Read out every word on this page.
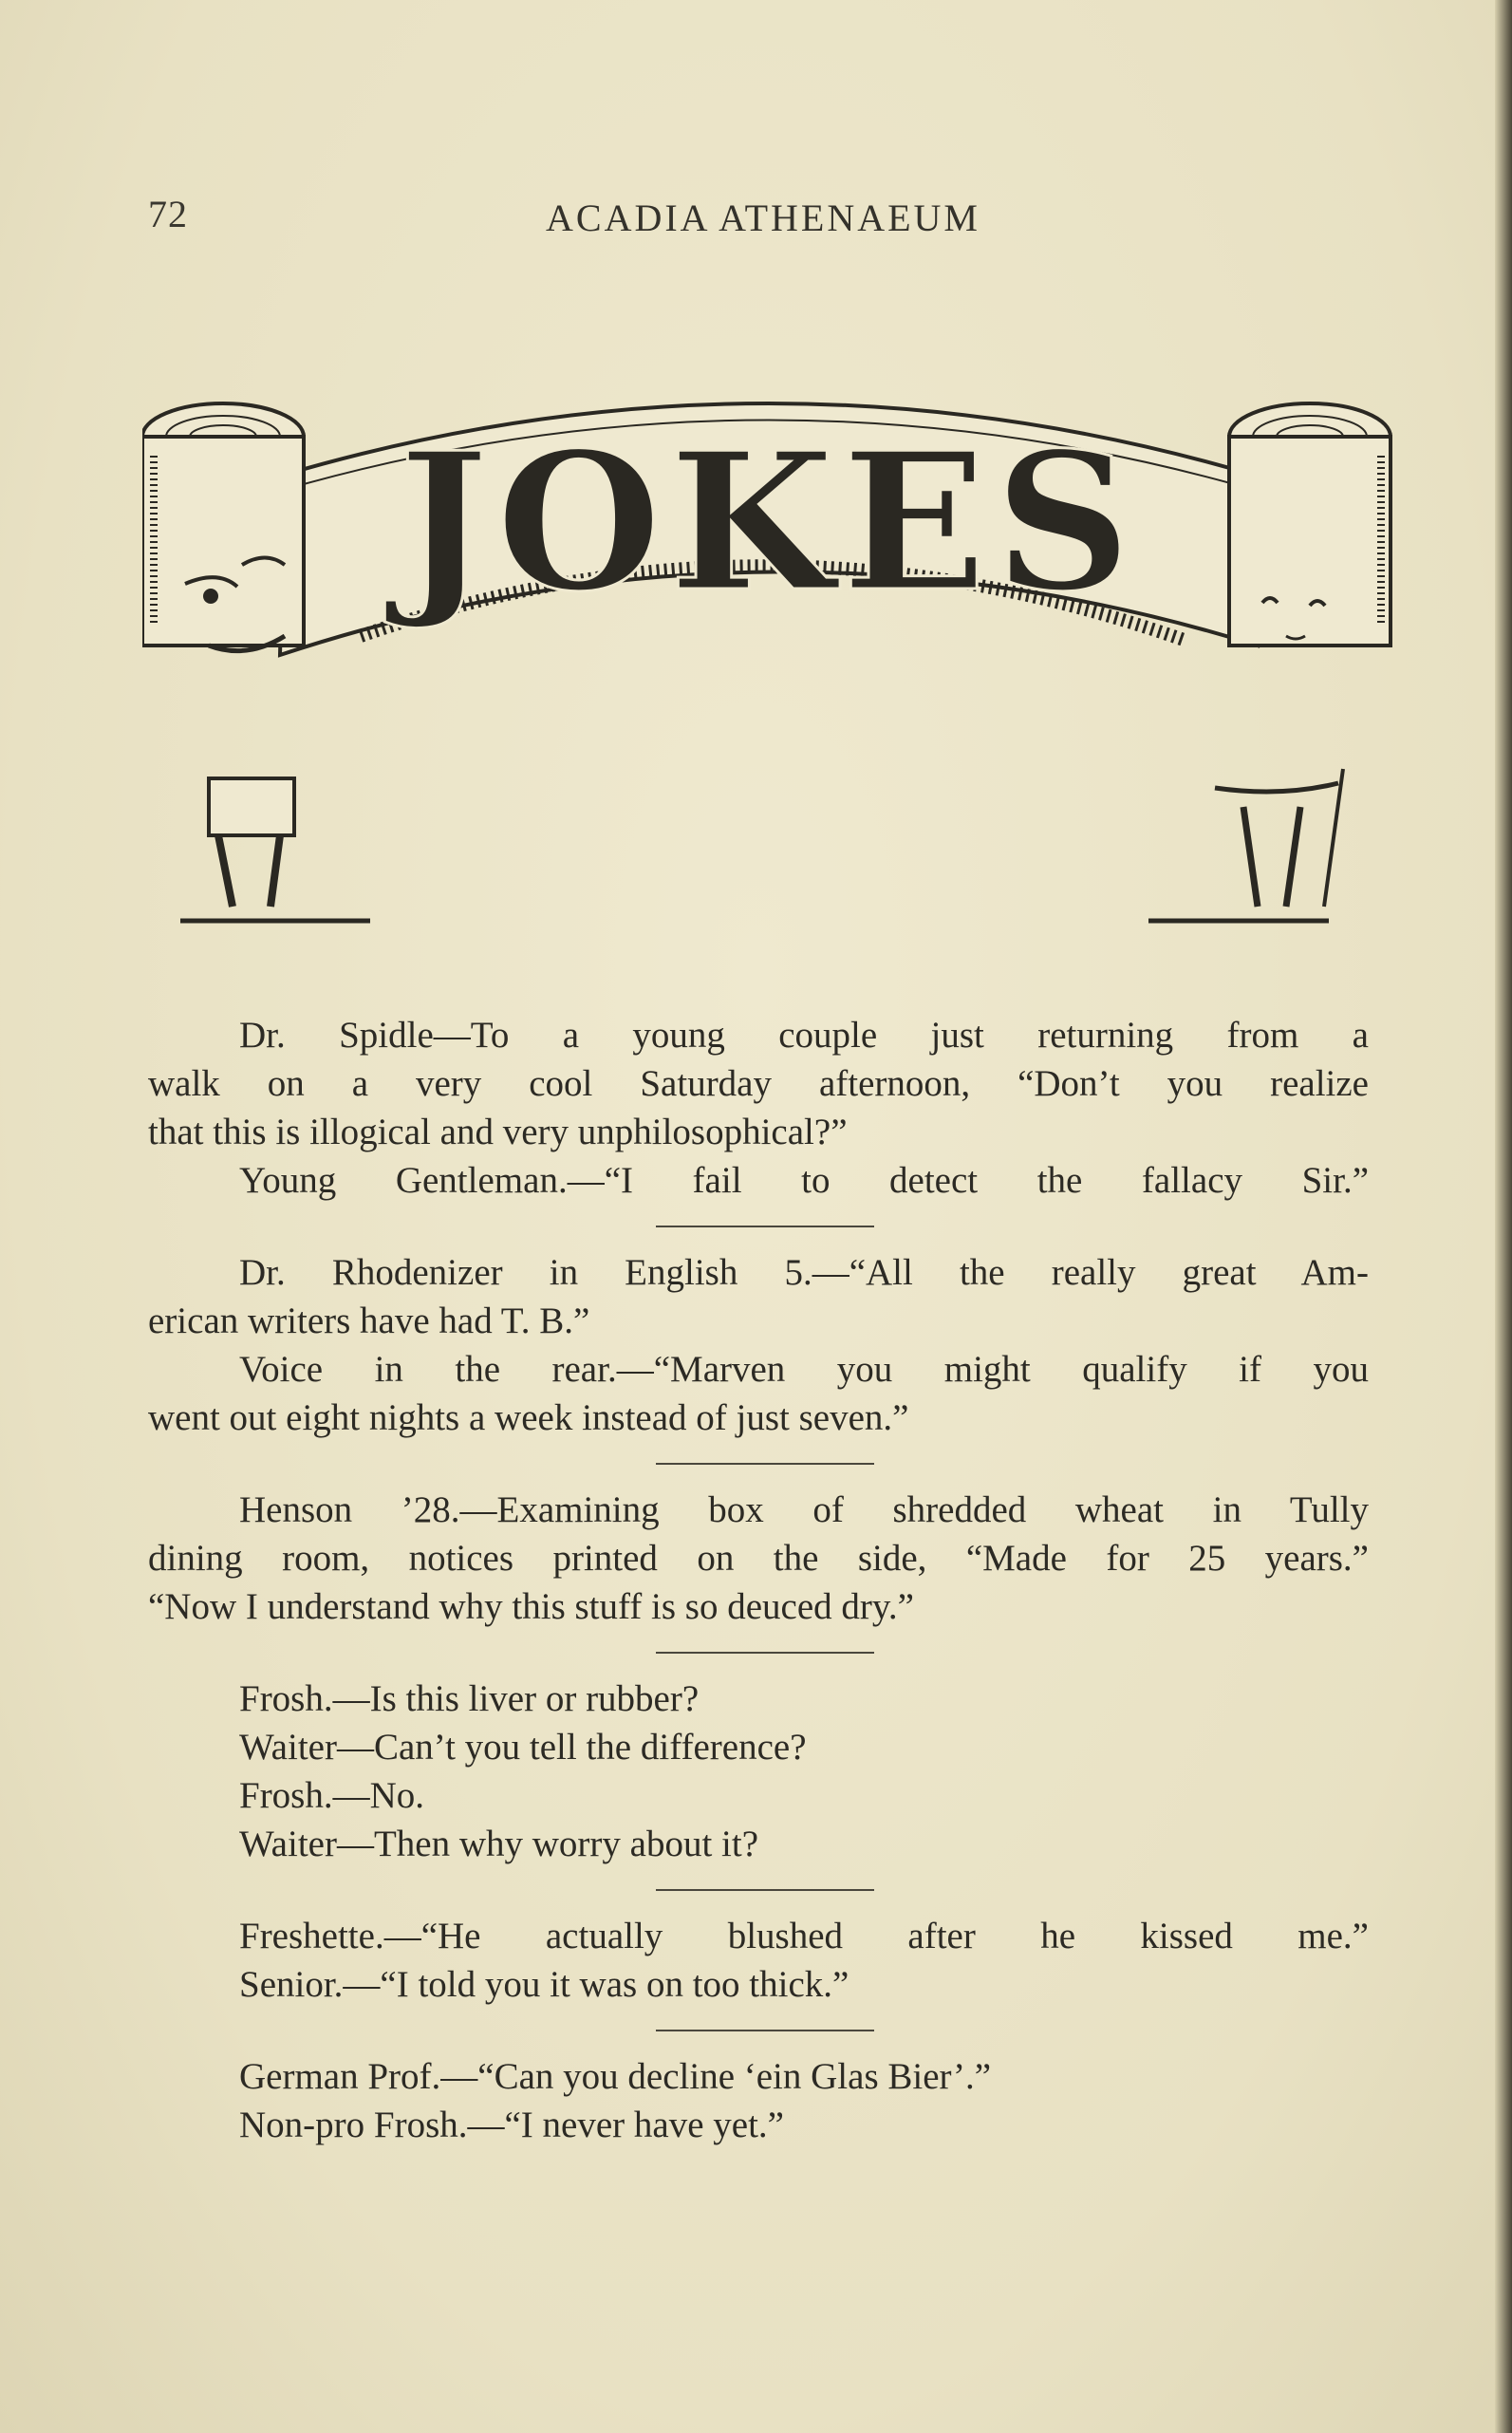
72	ACADIA ATHENAEUM
JOKES
Dr. Spidle—To a young couple just returning from a
walk on a very cool Saturday afternoon, “Don’t you realize
that this is illogical and very unphilosophical?”
Young Gentleman.—“I fail to detect the fallacy Sir.”
Dr. Rhodenizer in English 5.—“All the really great Am-
erican writers have had T. B.”
Voice in the rear.—“Marven you might qualify if you
went out eight nights a week instead of just seven.”
Henson ’28.—Examining box of shredded wheat in Tully
dining room, notices printed on the side, “Made for 25 years.”
“Now I understand why this stuff is so deuced dry.”
Frosh.—Is this liver or rubber?
Waiter—Can’t you tell the difference?
Frosh.—No.
Waiter—Then why worry about it?
Freshette.—“He actually blushed after he kissed me.”
Senior.—“I told you it was on too thick.”
German Prof.—“Can you decline ‘ein Glas Bier’.”
Non-pro Frosh.—“I never have yet.”
